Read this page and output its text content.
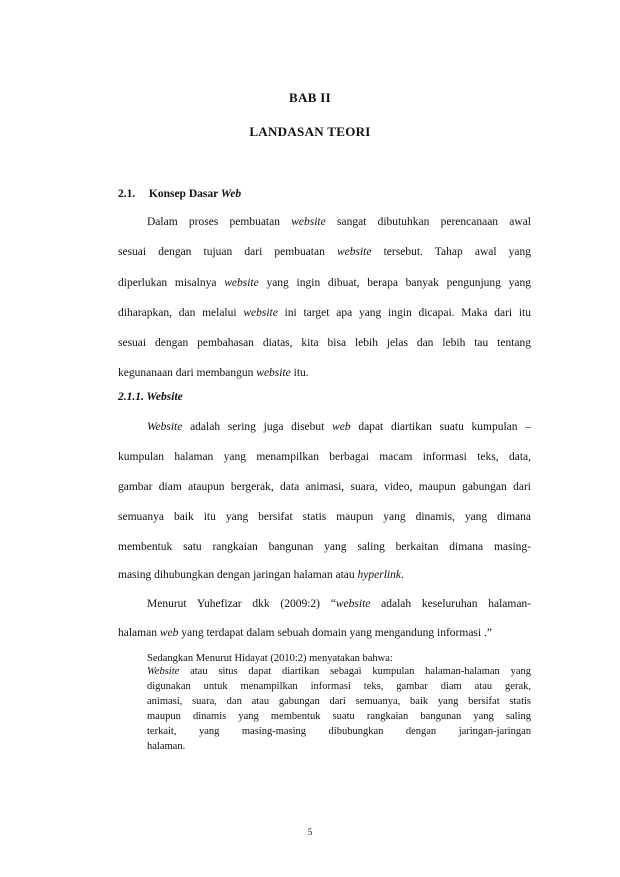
BAB II
LANDASAN TEORI
2.1. Konsep Dasar Web
Dalam proses pembuatan website sangat dibutuhkan perencanaan awal
sesuai dengan tujuan dari pembuatan website tersebut. Tahap awal yang
diperlukan misalnya website yang ingin dibuat, berapa banyak pengunjung yang
diharapkan, dan melalui website ini target apa yang ingin dicapai. Maka dari itu
sesuai dengan pembahasan diatas, kita bisa lebih jelas dan lebih tau tentang
kegunanaan dari membangun website itu.
2.1.1. Website
Website adalah sering juga disebut web dapat diartikan suatu kumpulan –
kumpulan halaman yang menampilkan berbagai macam informasi teks, data,
gambar diam ataupun bergerak, data animasi, suara, video, maupun gabungan dari
semuanya baik itu yang bersifat statis maupun yang dinamis, yang dimana
membentuk satu rangkaian bangunan yang saling berkaitan dimana masing-
masing dihubungkan dengan jaringan halaman atau hyperlink.
Menurut Yuhefizar dkk (2009:2) “website adalah keseluruhan halaman-
halaman web yang terdapat dalam sebuah domain yang mengandung informasi .”
Sedangkan Menurut Hidayat (2010:2) menyatakan bahwa:
Website atau situs dapat diartikan sebagai kumpulan halaman-halaman yang
digunakan untuk menampilkan informasi teks, gambar diam atau gerak,
animasi, suara, dan atau gabungan dari semuanya, baik yang bersifat statis
maupun dinamis yang membentuk suatu rangkaian bangunan yang saling
terkait, yang masing-masing dibubungkan dengan jaringan-jaringan
halaman.
5
